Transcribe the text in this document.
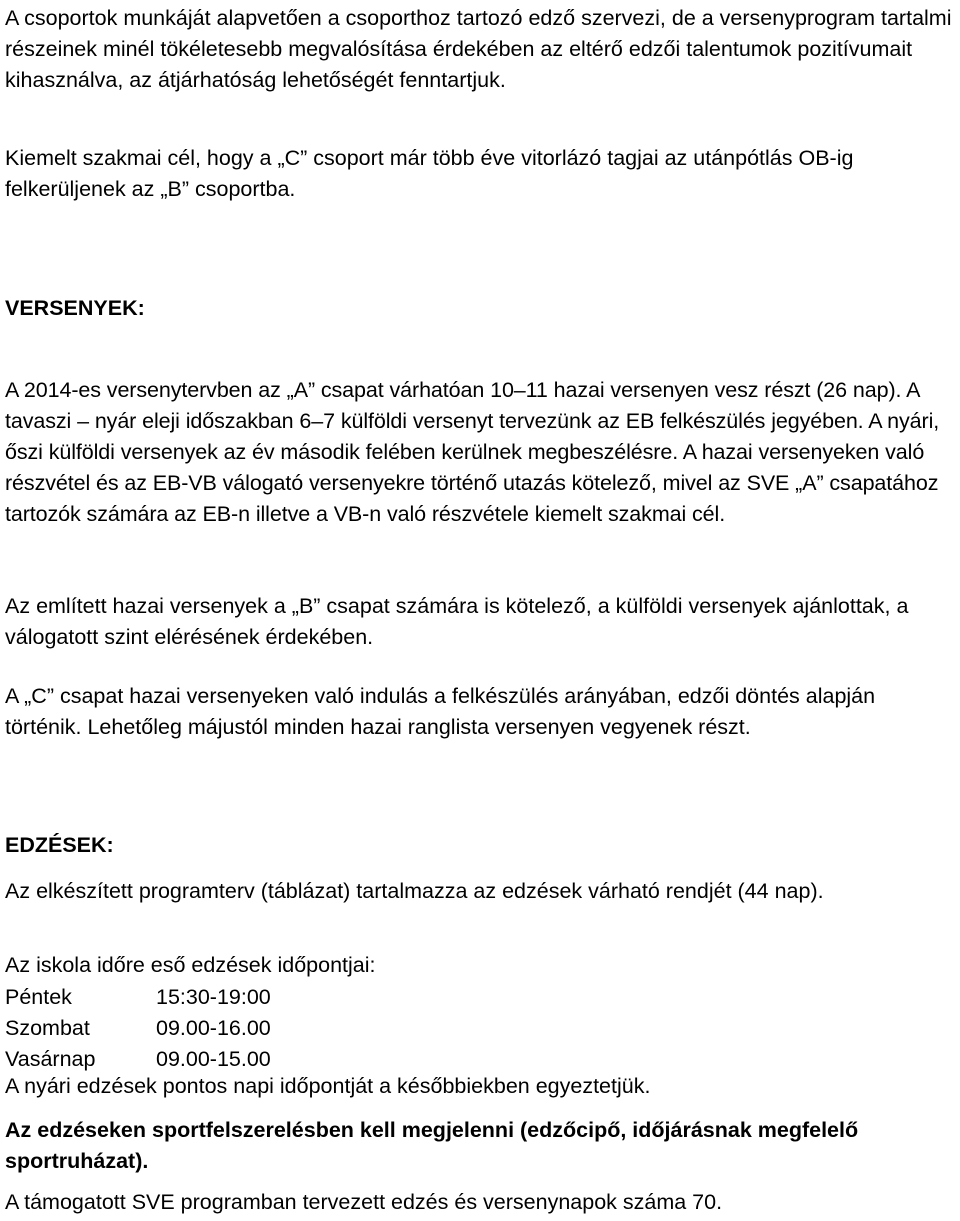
A csoportok munkáját alapvetően a csoporthoz tartozó edző szervezi, de a versenyprogram tartalmi részeinek minél tökéletesebb megvalósítása érdekében az eltérő edzői talentumok pozitívumait kihasználva, az átjárhatóság lehetőségét fenntartjuk.

Kiemelt szakmai cél, hogy a „C” csoport már több éve vitorlázó tagjai az utánpótlás OB-ig felkerüljenek az „B” csoportba.

VERSENYEK:

A 2014-es versenytervben az „A” csapat várhatóan 10–11 hazai versenyen vesz részt (26 nap). A tavaszi – nyár eleji időszakban 6–7 külföldi versenyt tervezünk az EB felkészülés jegyében. A nyári, őszi külföldi versenyek az év második felében kerülnek megbeszélésre. A hazai versenyeken való részvétel és az EB-VB válogató versenyekre történő utazás kötelező, mivel az SVE „A” csapatához tartozók számára az EB-n illetve a VB-n való részvétele kiemelt szakmai cél.

Az említett hazai versenyek a „B” csapat számára is kötelező, a külföldi versenyek ajánlottak, a válogatott szint elérésének érdekében.

A „C” csapat hazai versenyeken való indulás a felkészülés arányában, edzői döntés alapján történik. Lehetőleg májustól minden hazai ranglista versenyen vegyenek részt.

EDZÉSEK:

Az elkészített programterv (táblázat) tartalmazza az edzések várható rendjét (44 nap).

Az iskola időre eső edzések időpontjai:

Péntek	15:30-19:00
Szombat	09.00-16.00
Vasárnap	09.00-15.00

A nyári edzések pontos napi időpontját a későbbiekben egyeztetjük.

Az edzéseken sportfelszerelésben kell megjelenni (edzőcipő, időjárásnak megfelelő sportruházat).

A támogatott SVE programban tervezett edzés és versenynapok száma 70.
